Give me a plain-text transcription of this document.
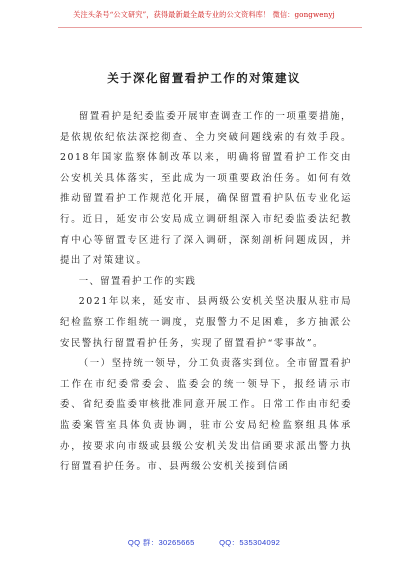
关注头条号“公文研究”，获得最新最全最专业的公文资料库！ 微信：gongwenyj
关于深化留置看护工作的对策建议

留置看护是纪委监委开展审查调查工作的一项重要措施，是依规依纪依法深挖彻查、全力突破问题线索的有效手段。2018年国家监察体制改革以来，明确将留置看护工作交由公安机关具体落实，至此成为一项重要政治任务。如何有效推动留置看护工作规范化开展，确保留置看护队伍专业化运行。近日，延安市公安局成立调研组深入市纪委监委法纪教育中心等留置专区进行了深入调研，深刻剖析问题成因，并提出了对策建议。

一、留置看护工作的实践

2021年以来，延安市、县两级公安机关坚决服从驻市局纪检监察工作组统一调度，克服警力不足困难，多方抽派公安民警执行留置看护任务，实现了留置看护“零事故”。

（一）坚持统一领导，分工负责落实到位。全市留置看护工作在市纪委常委会、监委会的统一领导下，报经请示市委、省纪委监委审核批准同意开展工作。日常工作由市纪委监委案管室具体负责协调，驻市公安局纪检监察组具体承办，按要求向市级或县级公安机关发出信函要求派出警力执行留置看护任务。市、县两级公安机关接到信函

QQ 群：30265665	QQ：535304092
